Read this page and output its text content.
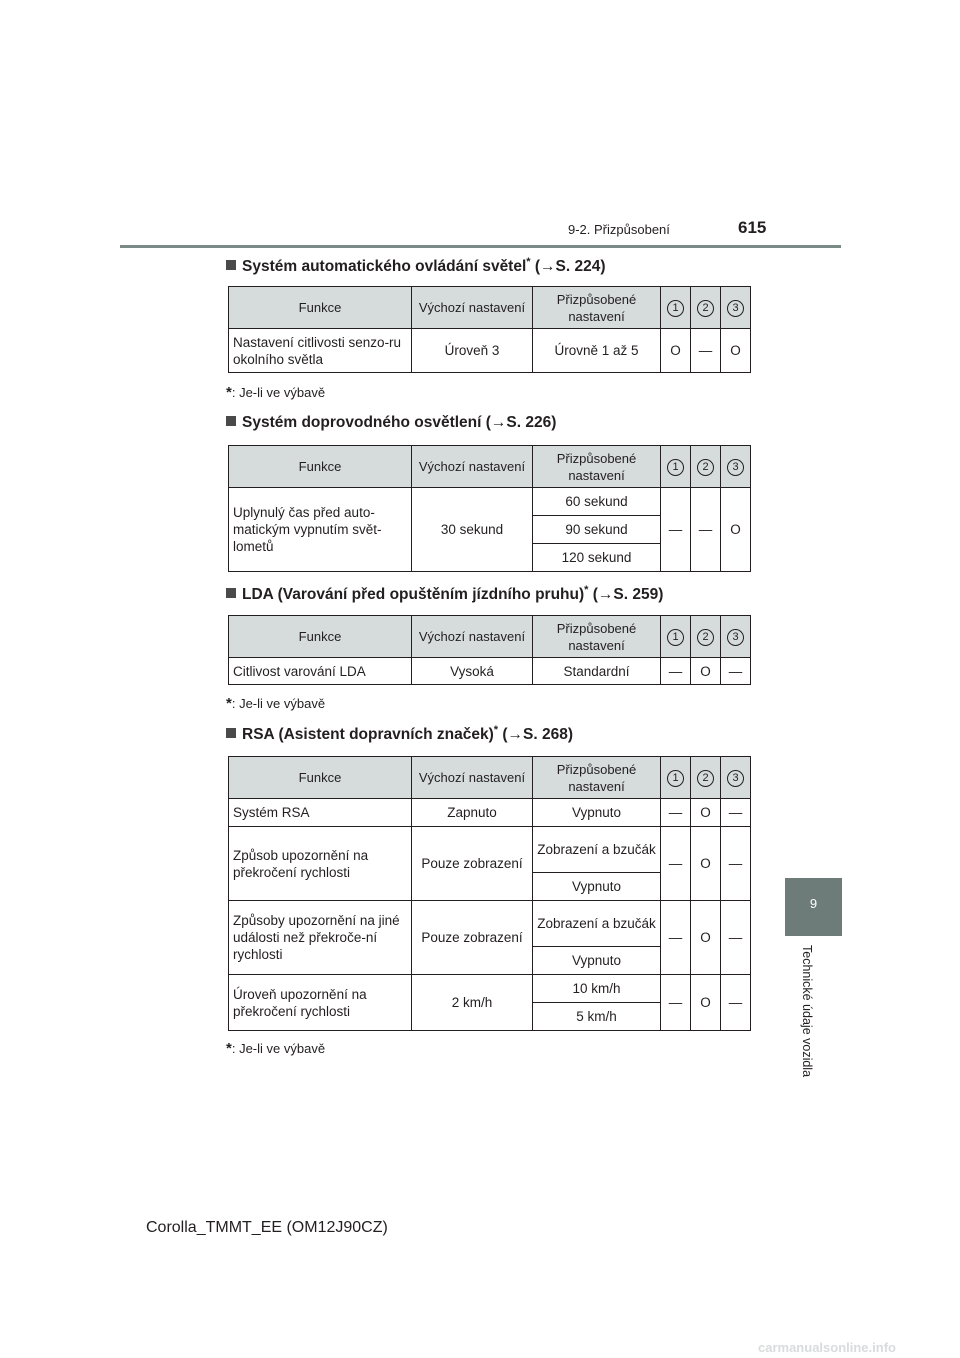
9-2. Přizpůsobení	615
9
Technické údaje vozidla
Systém automatického ovládání světel* (→S. 224)
Funkce	Výchozí nastavení	Přizpůsobené nastavení	1	2	3
Nastavení citlivosti senzo-ru okolního světla	Úroveň 3	Úrovně 1 až 5	O	—	O
*: Je-li ve výbavě
Systém doprovodného osvětlení (→S. 226)
Funkce	Výchozí nastavení	Přizpůsobené nastavení	1	2	3
Uplynulý čas před auto-matickým vypnutím svět-lometů	30 sekund	60 sekund	—	—	O
		90 sekund			
		120 sekund			
LDA (Varování před opuštěním jízdního pruhu)* (→S. 259)
Funkce	Výchozí nastavení	Přizpůsobené nastavení	1	2	3
Citlivost varování LDA	Vysoká	Standardní	—	O	—
*: Je-li ve výbavě
RSA (Asistent dopravních značek)* (→S. 268)
Funkce	Výchozí nastavení	Přizpůsobené nastavení	1	2	3
Systém RSA	Zapnuto	Vypnuto	—	O	—
Způsob upozornění na překročení rychlosti	Pouze zobrazení	Zobrazení a bzučák	—	O	—
		Vypnuto			
Způsoby upozornění na jiné události než překroče-ní rychlosti	Pouze zobrazení	Zobrazení a bzučák	—	O	—
		Vypnuto			
Úroveň upozornění na překročení rychlosti	2 km/h	10 km/h	—	O	—
		5 km/h			
*: Je-li ve výbavě
Corolla_TMMT_EE (OM12J90CZ)
carmanualsonline.info
